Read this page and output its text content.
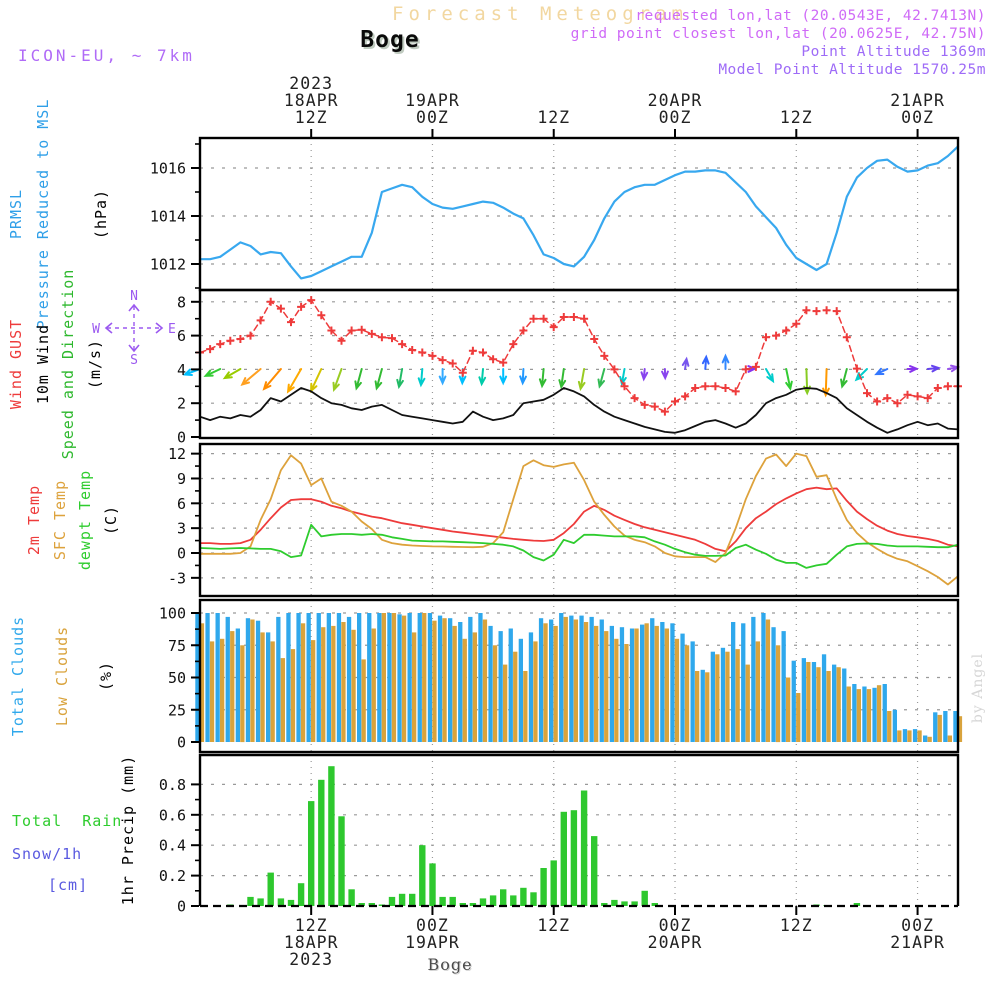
Forecast Meteogram
Boge
requested lon,lat (20.0543E, 42.7413N)
grid point closest lon,lat (20.0625E, 42.75N)
Point Altitude 1369m
Model Point Altitude 1570.25m
ICON-EU, ~ 7km
PRMSL Pressure Reduced to MSL	(hPa)
Wind GUST 10m Wind Speed and Direction (m/s)
2m Temp SFC Temp dewpt Temp (C)
Total Clouds Low Clouds (%)
Total  Rain
Snow/1h
[cm] 1hr Precip (mm)
1012
1014
1016
0
2
4
6
8
-3
0
3
6
9
12
0
25
50
75
100
0
0.2
0.4
0.6
0.8
N
S
W	E
12Z
18APR
2023
12Z
18APR
2023
00Z
19APR
00Z
19APR
12Z
12Z
00Z
20APR
00Z
20APR
12Z
12Z
00Z
21APR
00Z
21APR
Boge
by Angel
